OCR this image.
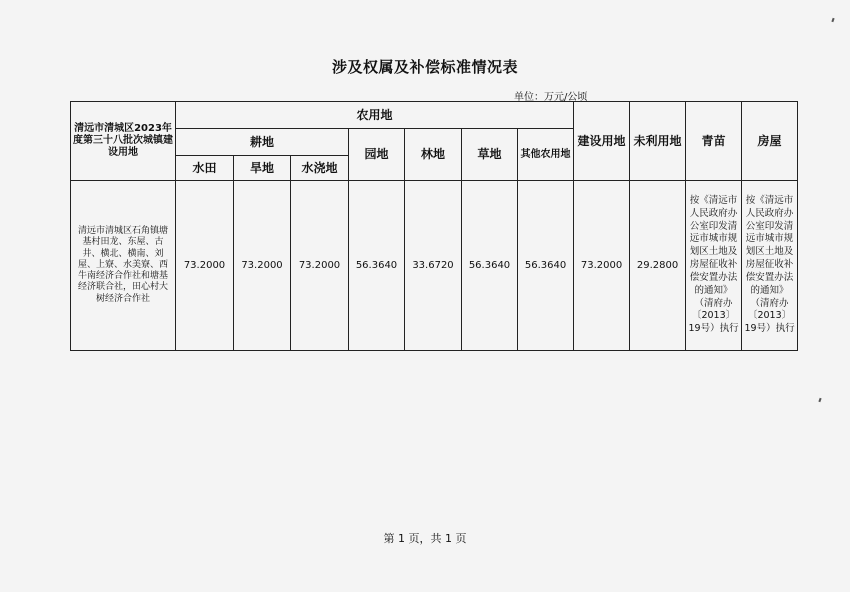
涉及权属及补偿标准情况表
单位：万元/公顷
清远市清城区2023年度第三十八批次城镇建设用地	农用地							建设用地	未利用地	青苗	房屋
	耕地			园地	林地	草地	其他农用地				
	水田	旱地	水浇地								
清远市清城区石角镇塘基村田龙、东屋、古井、横北、横南、刘屋、上寮、水美寮、西牛南经济合作社和塘基经济联合社，田心村大树经济合作社	73.2000	73.2000	73.2000	56.3640	33.6720	56.3640	56.3640	73.2000	29.2800	按《清远市人民政府办公室印发清远市城市规划区土地及房屋征收补偿安置办法的通知》（清府办〔2013〕19号）执行	按《清远市人民政府办公室印发清远市城市规划区土地及房屋征收补偿安置办法的通知》（清府办〔2013〕19号）执行
第 1 页，共 1 页
